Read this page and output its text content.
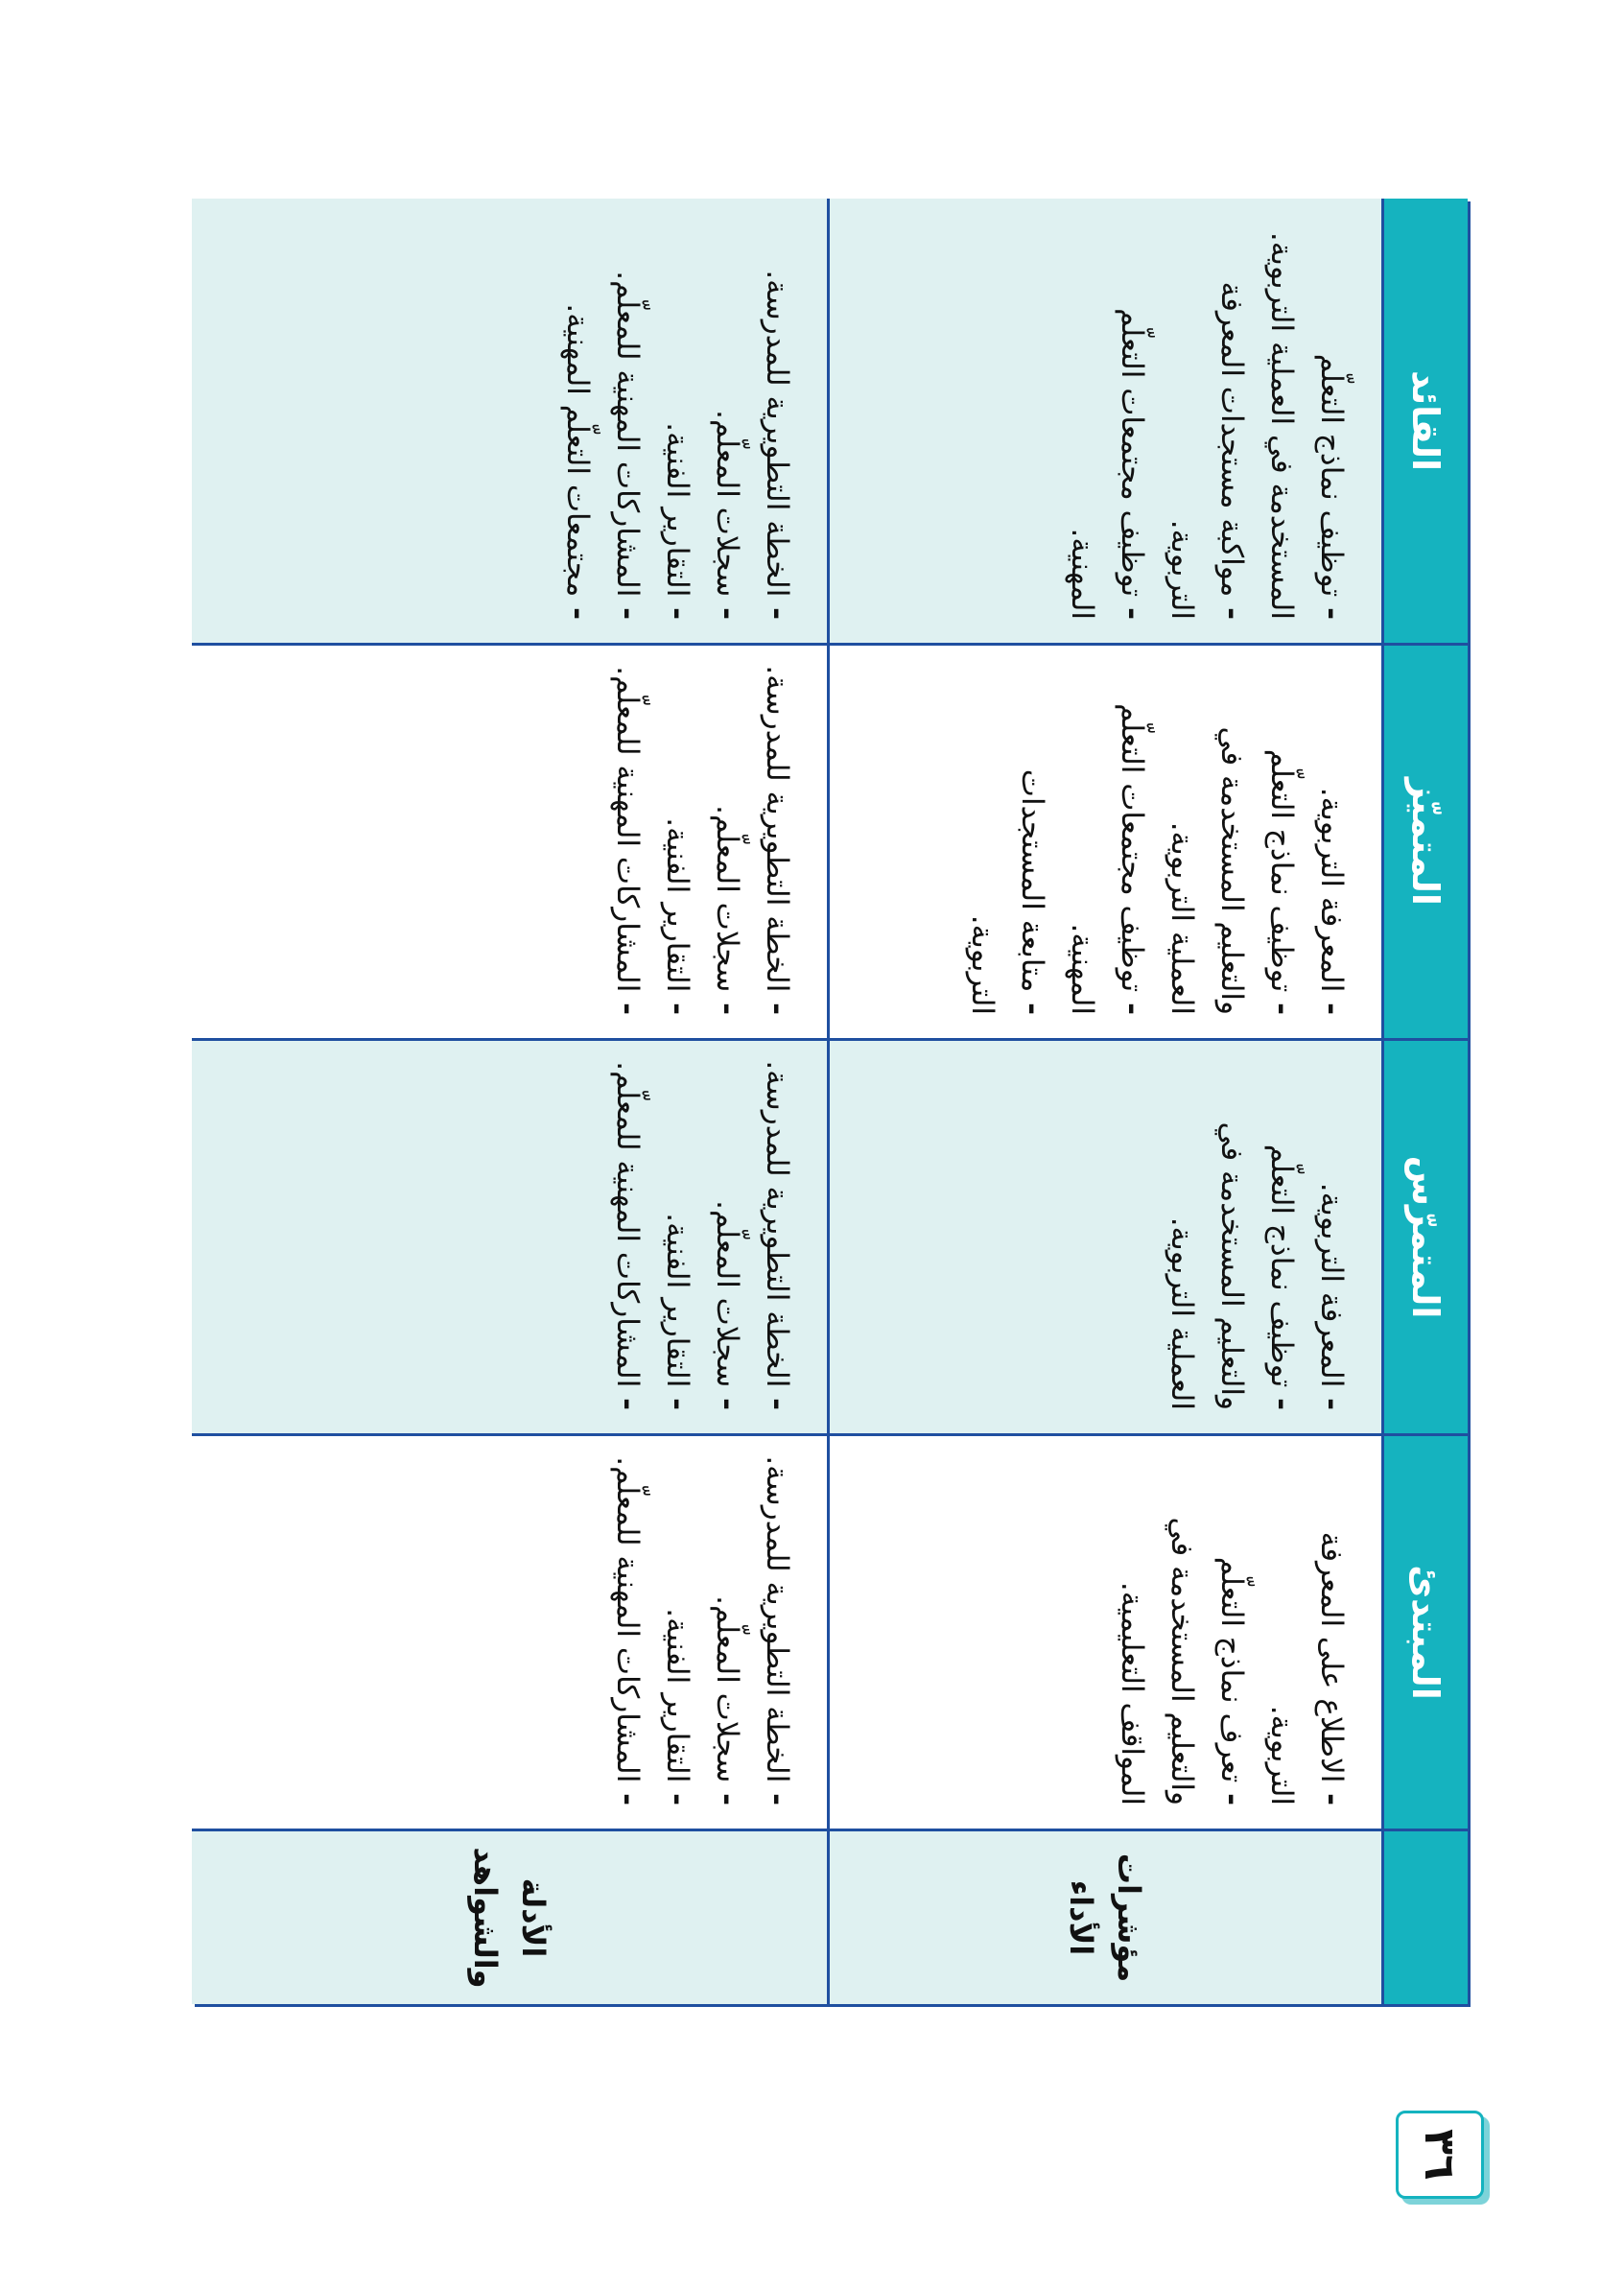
المبتدئ
المتمرّس
المتميّز
القائد
مؤشرات الأداء
- الاطلاع على المعرفة التربوية.
- تعرف نماذج التعلّم والتعليم المستخدمة في المواقف التعليمية.
- المعرفة التربوية.
- توظيف نماذج التعلّم والتعليم المستخدمة في العملية التربوية.
- المعرفة التربوية.
- توظيف نماذج التعلّم والتعليم المستخدمة في العملية التربوية.
- توظيف مجتمعات التعلّم المهنية.
- متابعة المستجدات التربوية.
- توظيف نماذج التعلّم المستخدمة في العملية التربوية.
- مواكبة مستجدات المعرفة التربوية.
- توظيف مجتمعات التعلّم المهنية.
الأدلة والشواهد
- الخطة التطويرية للمدرسة.
- سجلات المعلّم.
- التقارير الفنية.
- المشاركات المهنية للمعلّم.
- الخطة التطويرية للمدرسة.
- سجلات المعلّم.
- التقارير الفنية.
- المشاركات المهنية للمعلّم.
- الخطة التطويرية للمدرسة.
- سجلات المعلّم.
- التقارير الفنية.
- المشاركات المهنية للمعلّم.
- الخطة التطويرية للمدرسة.
- سجلات المعلّم.
- التقارير الفنية.
- المشاركات المهنية للمعلّم.
- مجتمعات التعلّم المهنية.
٣٦
